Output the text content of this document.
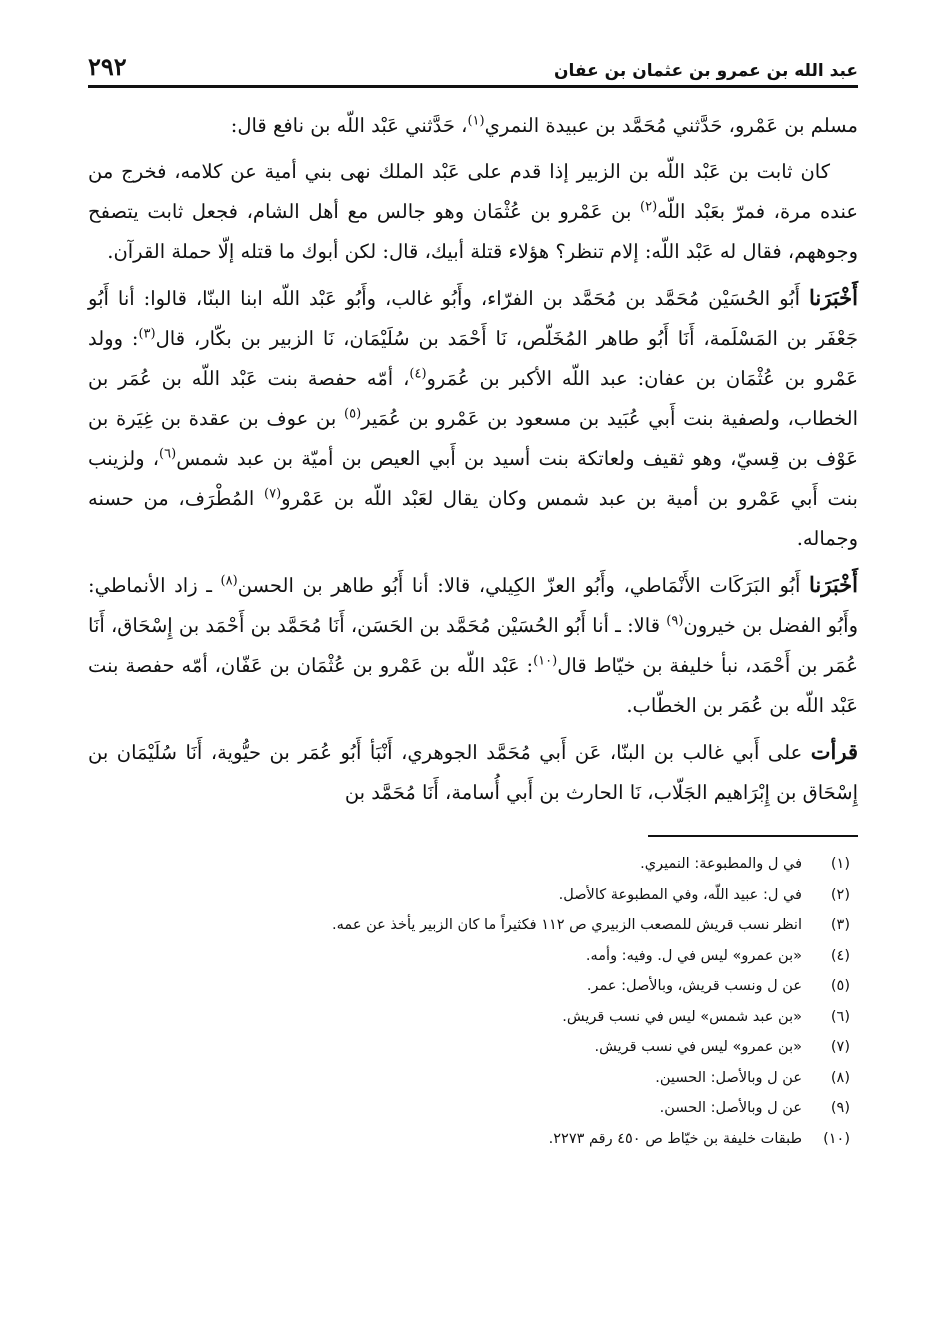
عبد الله بن عمرو بن عثمان بن عفان
٢٩٢

مسلم بن عَمْرو، حَدَّثني مُحَمَّد بن عبيدة النمري$^{(١)}$، حَدَّثني عَبْد اللّه بن نافع قال:

كان ثابت بن عَبْد اللّه بن الزبير إذا قدم على عَبْد الملك نهى بني أمية عن كلامه، فخرج من عنده مرة، فمرّ بعَبْد اللّه$^{(٢)}$ بن عَمْرو بن عُثْمَان وهو جالس مع أهل الشام، فجعل ثابت يتصفح وجوههم، فقال له عَبْد اللّه: إلام تنظر؟ هؤلاء قتلة أبيك، قال: لكن أبوك ما قتله إلّا حملة القرآن.

أَخْبَرَنا أَبُو الحُسَيْن مُحَمَّد بن مُحَمَّد بن الفرّاء، وأَبُو غالب، وأَبُو عَبْد اللّه ابنا البنّا، قالوا: أنا أَبُو جَعْفَر بن المَسْلَمة، أَنَا أَبُو طاهر المُخَلّص، نَا أَحْمَد بن سُلَيْمَان، نَا الزبير بن بكّار، قال$^{(٣)}$: وولد عَمْرو بن عُثْمَان بن عفان: عبد اللّه الأكبر بن عُمَرو$^{(٤)}$، أمّه حفصة بنت عَبْد اللّه بن عُمَر بن الخطاب، ولصفية بنت أَبي عُبَيد بن مسعود بن عَمْرو بن عُمَير$^{(٥)}$ بن عوف بن عقدة بن غِيَرة بن عَوْف بن قِسيّ، وهو ثقيف ولعاتكة بنت أسيد بن أَبي العيص بن أميّة بن عبد شمس$^{(٦)}$، ولزينب بنت أَبي عَمْرو بن أمية بن عبد شمس وكان يقال لعَبْد اللّه بن عَمْرو$^{(٧)}$ المُطْرَف، من حسنه وجماله.

أَخْبَرَنا أَبُو البَرَكَات الأَنْمَاطي، وأَبُو العزّ الكِيلي، قالا: أنا أَبُو طاهر بن الحسن$^{(٨)}$ ـ زاد الأنماطي: وأَبُو الفضل بن خيرون$^{(٩)}$ قالا: ـ أنا أَبُو الحُسَيْن مُحَمَّد بن الحَسَن، أَنَا مُحَمَّد بن أَحْمَد بن إِسْحَاق، أَنَا عُمَر بن أَحْمَد، نبأ خليفة بن خيّاط قال$^{(١٠)}$: عَبْد اللّه بن عَمْرو بن عُثْمَان بن عَفّان، أمّه حفصة بنت عَبْد اللّه بن عُمَر بن الخطّاب.

قرأت على أَبي غالب بن البنّا، عَن أَبي مُحَمَّد الجوهري، أَنْبَأ أَبُو عُمَر بن حيُّوية، أَنَا سُلَيْمَان بن إِسْحَاق بن إِبْرَاهيم الجَلّاب، نَا الحارث بن أَبي أُسامة، أَنَا مُحَمَّد بن

(١)
في ل والمطبوعة: النميري.
(٢)
في ل: عبيد اللّه، وفي المطبوعة كالأصل.
(٣)
انظر نسب قريش للمصعب الزبيري ص ١١٢ فكثيراً ما كان الزبير يأخذ عن عمه.
(٤)
«بن عمرو» ليس في ل. وفيه: وأمه.
(٥)
عن ل ونسب قريش، وبالأصل: عمر.
(٦)
«بن عبد شمس» ليس في نسب قريش.
(٧)
«بن عمرو» ليس في نسب قريش.
(٨)
عن ل وبالأصل: الحسين.
(٩)
عن ل وبالأصل: الحسن.
(١٠)
طبقات خليفة بن خيّاط ص ٤٥٠ رقم ٢٢٧٣.
